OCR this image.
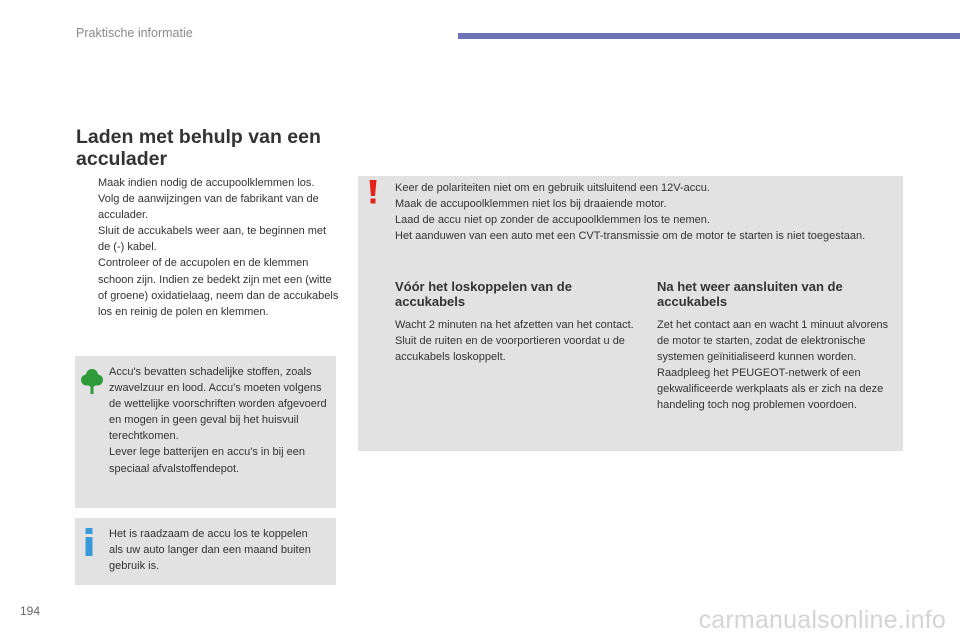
Praktische informatie
Laden met behulp van een acculader
Maak indien nodig de accupoolklemmen los.
Volg de aanwijzingen van de fabrikant van de acculader.
Sluit de accukabels weer aan, te beginnen met de (-) kabel.
Controleer of de accupolen en de klemmen schoon zijn. Indien ze bedekt zijn met een (witte of groene) oxidatielaag, neem dan de accukabels los en reinig de polen en klemmen.

Accu's bevatten schadelijke stoffen, zoals zwavelzuur en lood. Accu's moeten volgens de wettelijke voorschriften worden afgevoerd en mogen in geen geval bij het huisvuil terechtkomen.
Lever lege batterijen en accu's in bij een speciaal afvalstoffendepot.

Het is raadzaam de accu los te koppelen als uw auto langer dan een maand buiten gebruik is.

Keer de polariteiten niet om en gebruik uitsluitend een 12V-accu.
Maak de accupoolklemmen niet los bij draaiende motor.
Laad de accu niet op zonder de accupoolklemmen los te nemen.
Het aanduwen van een auto met een CVT-transmissie om de motor te starten is niet toegestaan.

Vóór het loskoppelen van de accukabels

Wacht 2 minuten na het afzetten van het contact.
Sluit de ruiten en de voorportieren voordat u de accukabels loskoppelt.

Na het weer aansluiten van de accukabels

Zet het contact aan en wacht 1 minuut alvorens de motor te starten, zodat de elektronische systemen geïnitialiseerd kunnen worden. Raadpleeg het PEUGEOT-netwerk of een gekwalificeerde werkplaats als er zich na deze handeling toch nog problemen voordoen.

194	carmanualsonline.info
